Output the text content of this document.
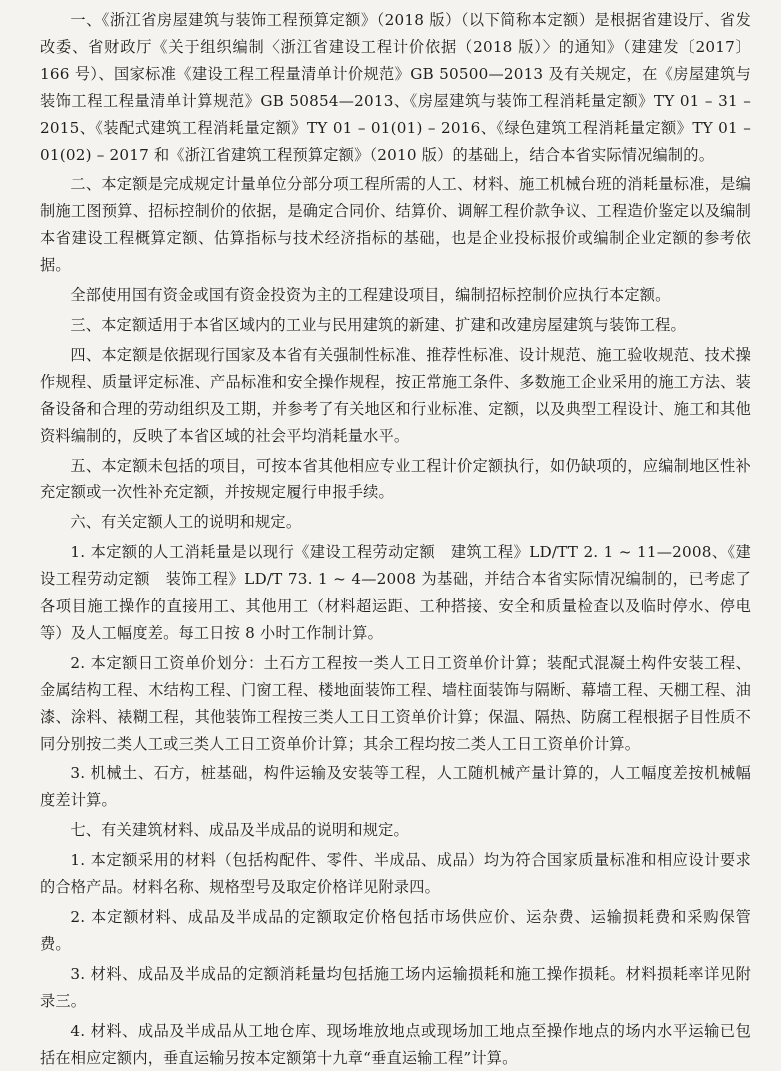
一、《浙江省房屋建筑与装饰工程预算定额》（2018 版）（以下简称本定额）是根据省建设厅、省发改委、省财政厅《关于组织编制〈浙江省建设工程计价依据（2018 版）〉的通知》（建建发〔2017〕166 号）、国家标准《建设工程工程量清单计价规范》GB 50500—2013 及有关规定，在《房屋建筑与装饰工程工程量清单计算规范》GB 50854—2013、《房屋建筑与装饰工程消耗量定额》TY 01 – 31 – 2015、《装配式建筑工程消耗量定额》TY 01 – 01(01) – 2016、《绿色建筑工程消耗量定额》TY 01 – 01(02) – 2017 和《浙江省建筑工程预算定额》（2010 版）的基础上，结合本省实际情况编制的。

二、本定额是完成规定计量单位分部分项工程所需的人工、材料、施工机械台班的消耗量标准，是编制施工图预算、招标控制价的依据，是确定合同价、结算价、调解工程价款争议、工程造价鉴定以及编制本省建设工程概算定额、估算指标与技术经济指标的基础，也是企业投标报价或编制企业定额的参考依据。

全部使用国有资金或国有资金投资为主的工程建设项目，编制招标控制价应执行本定额。

三、本定额适用于本省区域内的工业与民用建筑的新建、扩建和改建房屋建筑与装饰工程。

四、本定额是依据现行国家及本省有关强制性标准、推荐性标准、设计规范、施工验收规范、技术操作规程、质量评定标准、产品标准和安全操作规程，按正常施工条件、多数施工企业采用的施工方法、装备设备和合理的劳动组织及工期，并参考了有关地区和行业标准、定额，以及典型工程设计、施工和其他资料编制的，反映了本省区域的社会平均消耗量水平。

五、本定额未包括的项目，可按本省其他相应专业工程计价定额执行，如仍缺项的，应编制地区性补充定额或一次性补充定额，并按规定履行申报手续。

六、有关定额人工的说明和规定。

1. 本定额的人工消耗量是以现行《建设工程劳动定额　建筑工程》LD/TT 2. 1 ~ 11—2008、《建设工程劳动定额　装饰工程》LD/T 73. 1 ~ 4—2008 为基础，并结合本省实际情况编制的，已考虑了各项目施工操作的直接用工、其他用工（材料超运距、工种搭接、安全和质量检查以及临时停水、停电等）及人工幅度差。每工日按 8 小时工作制计算。

2. 本定额日工资单价划分：土石方工程按一类人工日工资单价计算；装配式混凝土构件安装工程、金属结构工程、木结构工程、门窗工程、楼地面装饰工程、墙柱面装饰与隔断、幕墙工程、天棚工程、油漆、涂料、裱糊工程，其他装饰工程按三类人工日工资单价计算；保温、隔热、防腐工程根据子目性质不同分别按二类人工或三类人工日工资单价计算；其余工程均按二类人工日工资单价计算。

3. 机械土、石方，桩基础，构件运输及安装等工程，人工随机械产量计算的，人工幅度差按机械幅度差计算。

七、有关建筑材料、成品及半成品的说明和规定。

1. 本定额采用的材料（包括构配件、零件、半成品、成品）均为符合国家质量标准和相应设计要求的合格产品。材料名称、规格型号及取定价格详见附录四。

2. 本定额材料、成品及半成品的定额取定价格包括市场供应价、运杂费、运输损耗费和采购保管费。

3. 材料、成品及半成品的定额消耗量均包括施工场内运输损耗和施工操作损耗。材料损耗率详见附录三。

4. 材料、成品及半成品从工地仓库、现场堆放地点或现场加工地点至操作地点的场内水平运输已包括在相应定额内，垂直运输另按本定额第十九章“垂直运输工程”计算。
